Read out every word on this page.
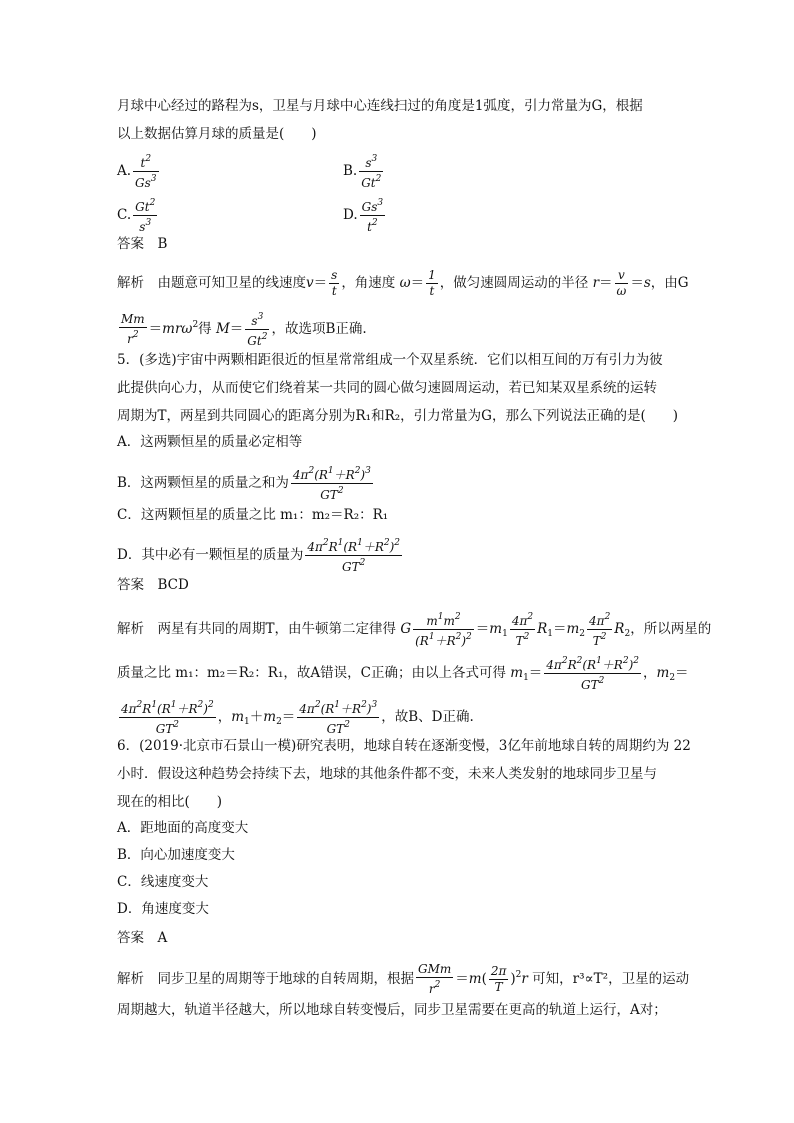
月球中心经过的路程为s，卫星与月球中心连线扫过的角度是1弧度，引力常量为G，根据
以上数据估算月球的质量是(　　)
A. $\frac{t^2}{Gs^3}$	B. $\frac{s^3}{Gt^2}$
C. $\frac{Gt^2}{s^3}$	D. $\frac{Gs^3}{t^2}$
答案　 B
解析　 由题意可知卫星的线速度$v= \frac{s}{t}$ ，角速度 $\omega= \frac{1}{t}$ ，做匀速圆周运动的半径 $r= \frac{v}{\omega} =s$，由G
$\frac{Mm}{r^2} =mr\omega^2$得 $M= \frac{s^3}{Gt^2}$ ，故选项B正确.
5．(多选)宇宙中两颗相距很近的恒星常常组成一个双星系统．它们以相互间的万有引力为彼
此提供向心力，从而使它们绕着某一共同的圆心做匀速圆周运动，若已知某双星系统的运转
周期为T，两星到共同圆心的距离分别为R₁和R₂，引力常量为G，那么下列说法正确的是(　　)
A．这两颗恒星的质量必定相等
B．这两颗恒星的质量之和为 $\frac{4\pi^2(R^1+R^2)^3}{GT^2}$
C．这两颗恒星的质量之比 m₁：m₂＝R₂：R₁
D．其中必有一颗恒星的质量为 $\frac{4\pi^2R^1(R^1+R^2)^2}{GT^2}$
答案　 BCD
解析　 两星有共同的周期T，由牛顿第二定律得 G $\frac{m^1m^2}{(R^1+R^2)^2} =m_1 \frac{4\pi^2}{T^2} R_1=m_2 \frac{4\pi^2}{T^2} R_2$，所以两星的
质量之比 m₁：m₂＝R₂：R₁，故A错误，C正确；由以上各式可得 $m_1= \frac{4\pi^2R^2(R^1+R^2)^2}{GT^2}$ ，$m_2=$
$\frac{4\pi^2R^1(R^1+R^2)^2}{GT^2}$ ，$m_1+m_2= \frac{4\pi^2(R^1+R^2)^3}{GT^2}$ ，故B、D正确.
6．(2019·北京市石景山一模)研究表明，地球自转在逐渐变慢，3亿年前地球自转的周期约为 22
小时．假设这种趋势会持续下去，地球的其他条件都不变，未来人类发射的地球同步卫星与
现在的相比(　　)
A．距地面的高度变大
B．向心加速度变大
C．线速度变大
D．角速度变大
答案　 A
解析　 同步卫星的周期等于地球的自转周期，根据 $\frac{\text{GMm}}{r^2} =m( \frac{2\pi}{T} )^2r$ 可知，r³∝T²，卫星的运动
周期越大，轨道半径越大，所以地球自转变慢后，同步卫星需要在更高的轨道上运行，A对；
